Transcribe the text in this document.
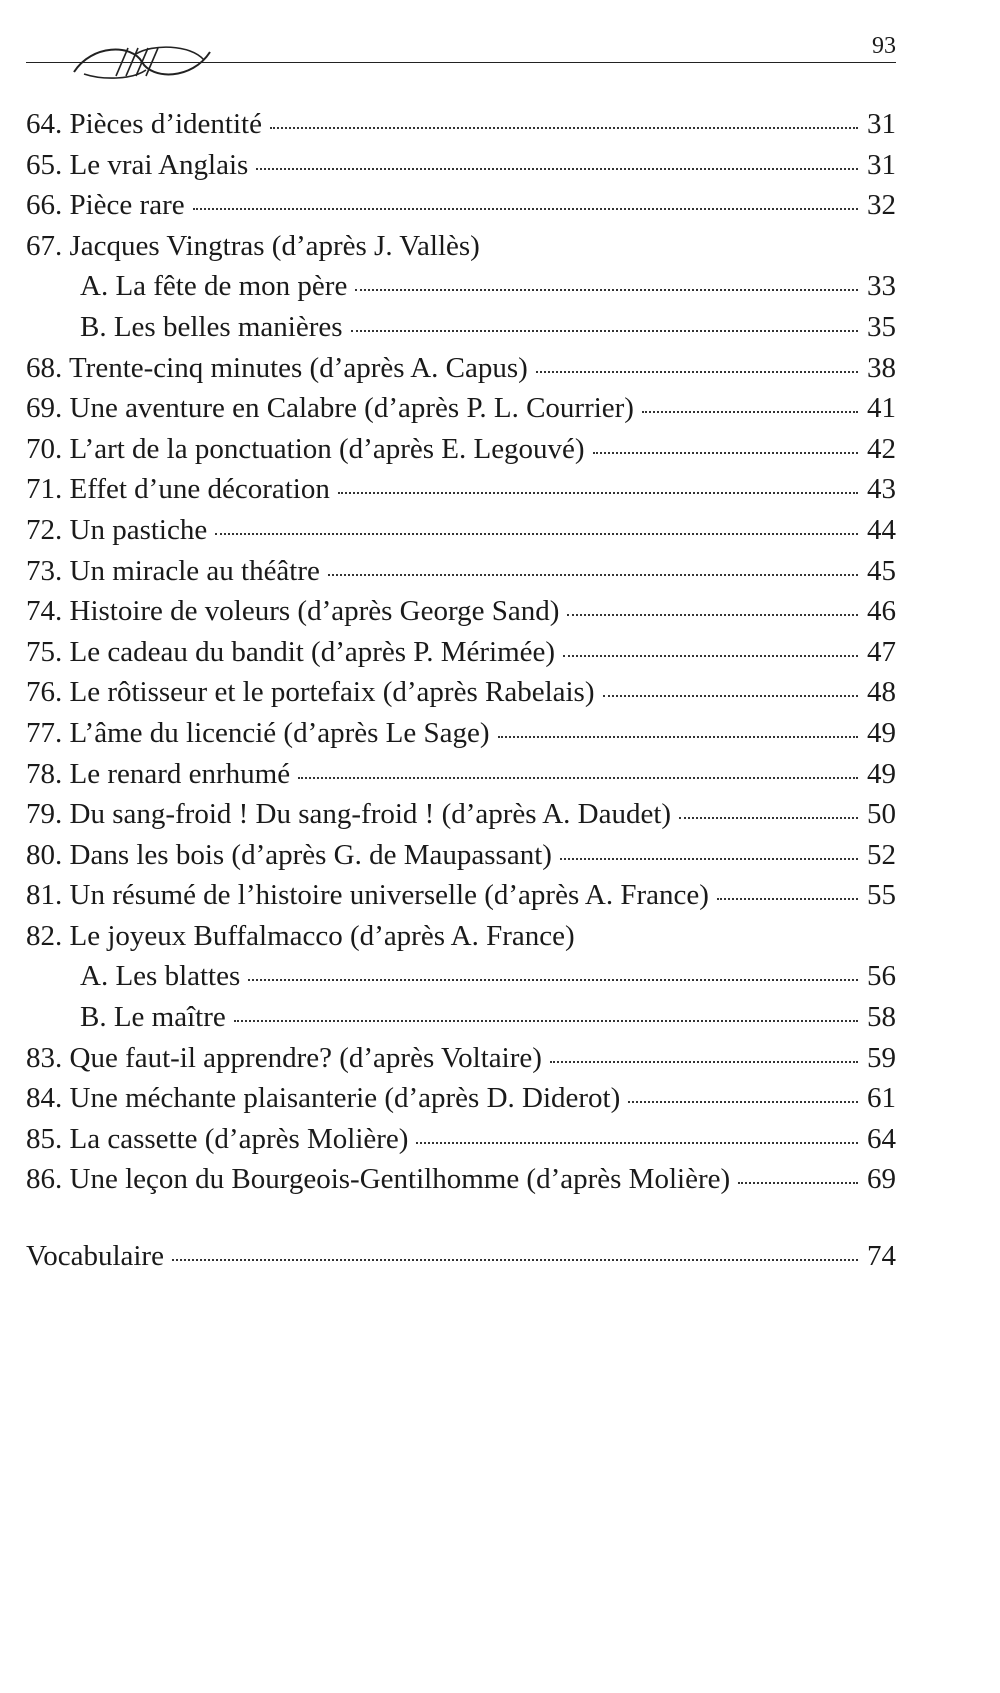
93
64. Pièces d’identité	31
65. Le vrai Anglais	31
66. Pièce rare	32
67. Jacques Vingtras (d’après J. Vallès)
A. La fête de mon père	33
B. Les belles manières	35
68. Trente-cinq minutes (d’après A. Capus)	38
69. Une aventure en Calabre (d’après P. L. Courrier)	41
70. L’art de la ponctuation (d’après E. Legouvé)	42
71. Effet d’une décoration	43
72. Un pastiche	44
73. Un miracle au théâtre	45
74. Histoire de voleurs (d’après George Sand)	46
75. Le cadeau du bandit (d’après P. Mérimée)	47
76. Le rôtisseur et le portefaix (d’après Rabelais)	48
77. L’âme du licencié (d’après Le Sage)	49
78. Le renard enrhumé	49
79. Du sang-froid ! Du sang-froid ! (d’après A. Daudet)	50
80. Dans les bois (d’après G. de Maupassant)	52
81. Un résumé de l’histoire universelle (d’après A. France)	55
82. Le joyeux Buffalmacco (d’après A. France)
A. Les blattes	56
B. Le maître	58
83. Que faut-il apprendre? (d’après Voltaire)	59
84. Une méchante plaisanterie (d’après D. Diderot)	61
85. La cassette (d’après Molière)	64
86. Une leçon du Bourgeois-Gentilhomme (d’après Molière)	69
Vocabulaire	74
